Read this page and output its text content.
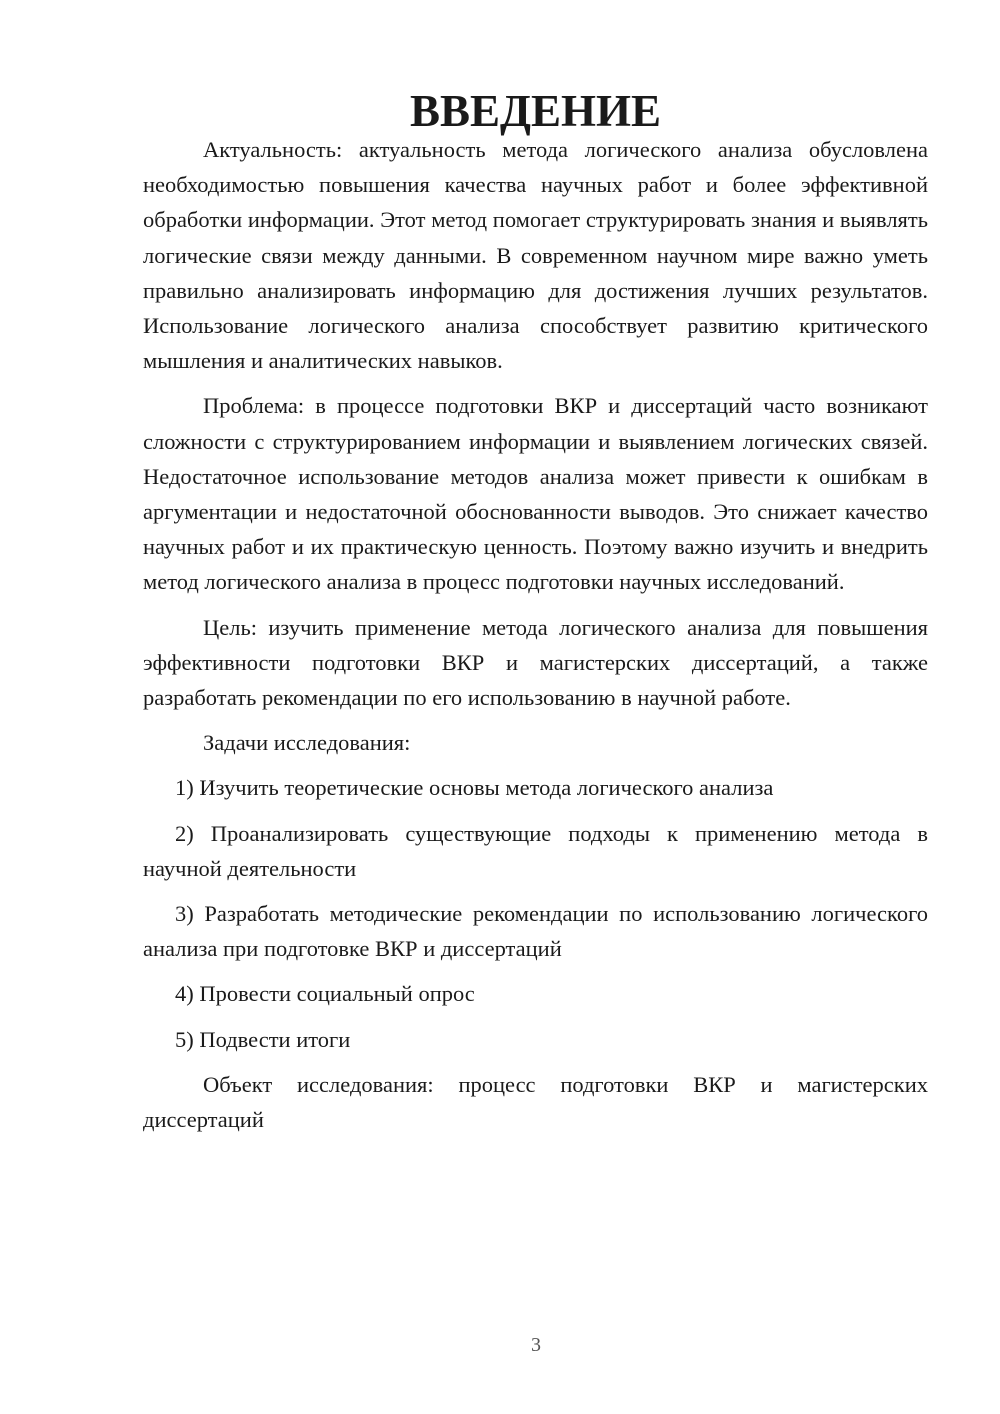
ВВЕДЕНИЕ

Актуальность: актуальность метода логического анализа обусловлена необходимостью повышения качества научных работ и более эффективной обработки информации. Этот метод помогает структурировать знания и выявлять логические связи между данными. В современном научном мире важно уметь правильно анализировать информацию для достижения лучших результатов. Использование логического анализа способствует развитию критического мышления и аналитических навыков.

Проблема: в процессе подготовки ВКР и диссертаций часто возникают сложности с структурированием информации и выявлением логических связей. Недостаточное использование методов анализа может привести к ошибкам в аргументации и недостаточной обоснованности выводов. Это снижает качество научных работ и их практическую ценность. Поэтому важно изучить и внедрить метод логического анализа в процесс подготовки научных исследований.

Цель: изучить применение метода логического анализа для повышения эффективности подготовки ВКР и магистерских диссертаций, а также разработать рекомендации по его использованию в научной работе.

Задачи исследования:

1) Изучить теоретические основы метода логического анализа

2) Проанализировать существующие подходы к применению метода в научной деятельности

3) Разработать методические рекомендации по использованию логического анализа при подготовке ВКР и диссертаций

4) Провести социальный опрос

5) Подвести итоги

Объект исследования: процесс подготовки ВКР и магистерских диссертаций

3
